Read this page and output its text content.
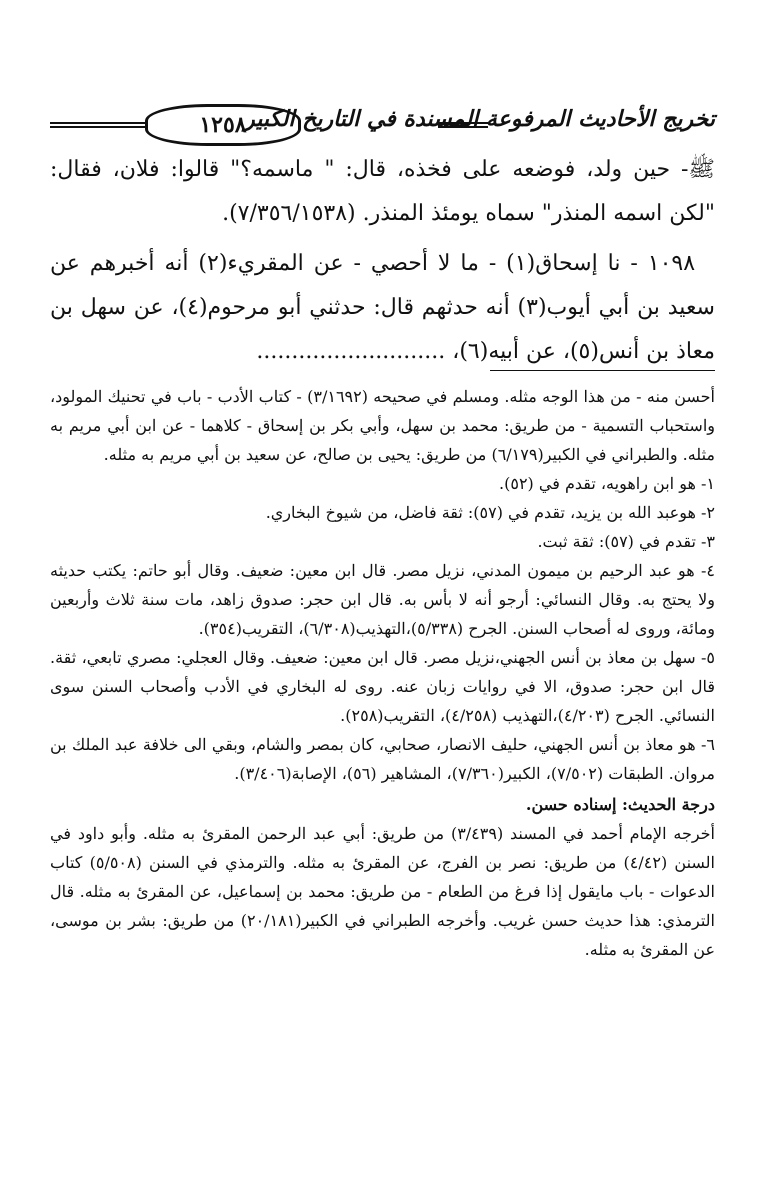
١٢٥٨
تخريج الأحاديث المرفوعة المسندة في التاريخ الكبير

ﷺ- حين ولد، فوضعه على فخذه، قال: " ماسمه؟" قالوا: فلان، فقال: "لكن اسمه المنذر" سماه يومئذ المنذر. (٧/٣٥٦/١٥٣٨).

١٠٩٨ - نا إسحاق(١) - ما لا أحصي - عن المقريء(٢) أنه أخبرهم عن سعيد بن أبي أيوب(٣) أنه حدثهم قال: حدثني أبو مرحوم(٤)، عن سهل بن معاذ بن أنس(٥)، عن أبيه(٦)، ...........................

أحسن منه - من هذا الوجه مثله. ومسلم في صحيحه (٣/١٦٩٢) - كتاب الأدب - باب في تحنيك المولود، واستحباب التسمية - من طريق: محمد بن سهل، وأبي بكر بن إسحاق - كلاهما - عن ابن أبي مريم به مثله. والطبراني في الكبير(٦/١٧٩) من طريق: يحيى بن صالح، عن سعيد بن أبي مريم به مثله.

١- هو ابن راهويه، تقدم في (٥٢).

٢- هوعبد الله بن يزيد، تقدم في (٥٧): ثقة فاضل، من شيوخ البخاري.

٣- تقدم في (٥٧): ثقة ثبت.

٤- هو عبد الرحيم بن ميمون المدني، نزيل مصر. قال ابن معين: ضعيف. وقال أبو حاتم: يكتب حديثه ولا يحتج به. وقال النسائي: أرجو أنه لا بأس به. قال ابن حجر: صدوق زاهد، مات سنة ثلاث وأربعين ومائة، وروى له أصحاب السنن. الجرح (٥/٣٣٨)،التهذيب(٦/٣٠٨)، التقريب(٣٥٤).

٥- سهل بن معاذ بن أنس الجهني،نزيل مصر. قال ابن معين: ضعيف. وقال العجلي: مصري تابعي، ثقة. قال ابن حجر: صدوق، الا في روايات زبان عنه. روى له البخاري في الأدب وأصحاب السنن سوى النسائي. الجرح (٤/٢٠٣)،التهذيب (٤/٢٥٨)، التقريب(٢٥٨).

٦- هو معاذ بن أنس الجهني، حليف الانصار، صحابي، كان بمصر والشام، وبقي الى خلافة عبد الملك بن مروان. الطبقات (٧/٥٠٢)، الكبير(٧/٣٦٠)، المشاهير (٥٦)، الإصابة(٣/٤٠٦).

درجة الحديث: إسناده حسن.

أخرجه الإمام أحمد في المسند (٣/٤٣٩) من طريق: أبي عبد الرحمن المقرئ به مثله. وأبو داود في السنن (٤/٤٢) من طريق: نصر بن الفرج، عن المقرئ به مثله. والترمذي في السنن (٥/٥٠٨) كتاب الدعوات - باب مايقول إذا فرغ من الطعام - من طريق: محمد بن إسماعيل، عن المقرئ به مثله. قال الترمذي: هذا حديث حسن غريب. وأخرجه الطبراني في الكبير(٢٠/١٨١) من طريق: بشر بن موسى، عن المقرئ به مثله.
